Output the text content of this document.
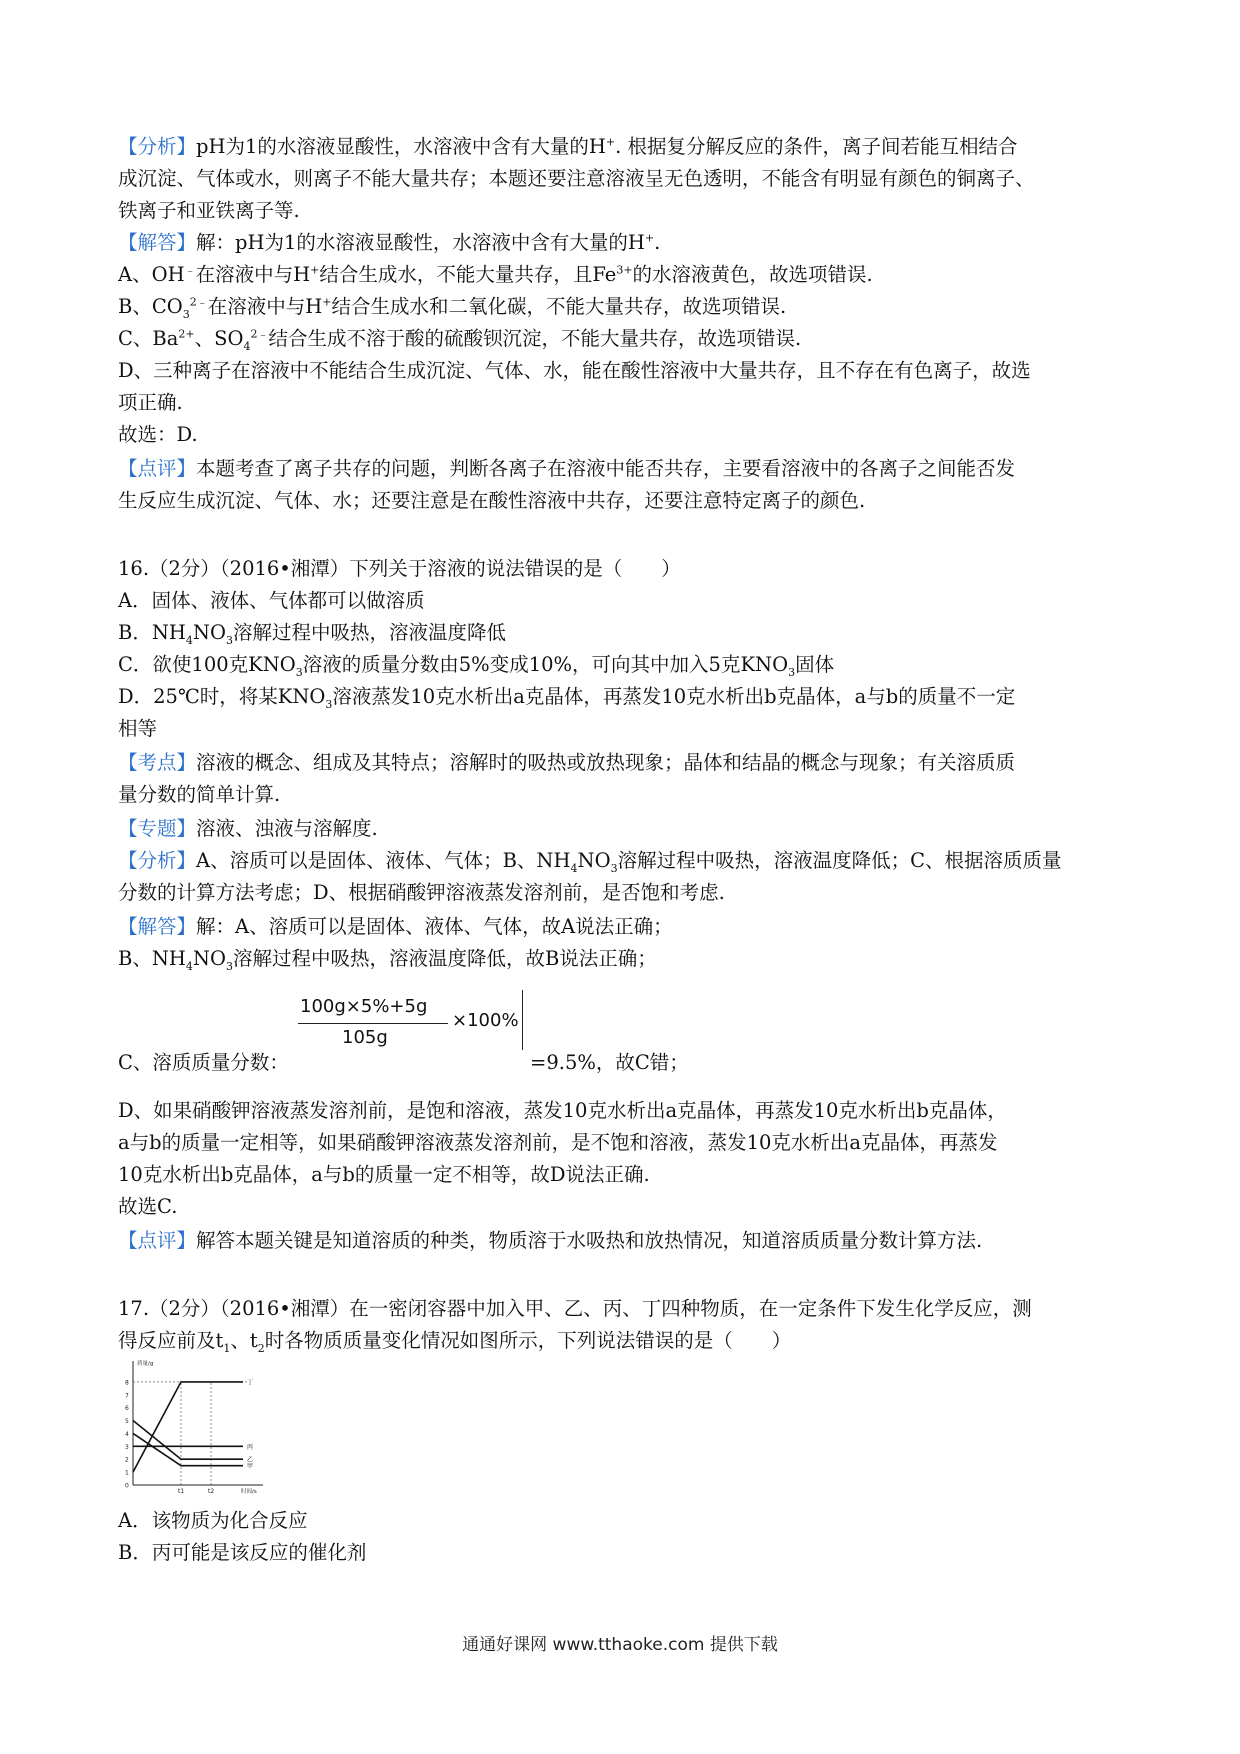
【分析】pH为1的水溶液显酸性，水溶液中含有大量的H+. 根据复分解反应的条件，离子间若能互相结合
成沉淀、气体或水，则离子不能大量共存；本题还要注意溶液呈无色透明，不能含有明显有颜色的铜离子、
铁离子和亚铁离子等.
【解答】解：pH为1的水溶液显酸性，水溶液中含有大量的H+.
A、OH﹣在溶液中与H+结合生成水，不能大量共存，且$Fe^{3+}$的水溶液黄色，故选项错误.
B、$CO_3^{2﹣}$在溶液中与H+结合生成水和二氧化碳，不能大量共存，故选项错误.
C、$Ba^{2+}$、$SO_4^{2﹣}$结合生成不溶于酸的硫酸钡沉淀，不能大量共存，故选项错误.
D、三种离子在溶液中不能结合生成沉淀、气体、水，能在酸性溶液中大量共存，且不存在有色离子，故选
项正确.
故选：D.
【点评】本题考查了离子共存的问题，判断各离子在溶液中能否共存，主要看溶液中的各离子之间能否发
生反应生成沉淀、气体、水；还要注意是在酸性溶液中共存，还要注意特定离子的颜色.
16.（2分）（2016•湘潭）下列关于溶液的说法错误的是（　　）
A．固体、液体、气体都可以做溶质
B．$NH_4NO_3$溶解过程中吸热，溶液温度降低
C．欲使100克$KNO_3$溶液的质量分数由5%变成10%，可向其中加入5克$KNO_3$固体
D．25℃时，将某$KNO_3$溶液蒸发10克水析出a克晶体，再蒸发10克水析出b克晶体，a与b的质量不一定
相等
【考点】溶液的概念、组成及其特点；溶解时的吸热或放热现象；晶体和结晶的概念与现象；有关溶质质
量分数的简单计算.
【专题】溶液、浊液与溶解度.
【分析】A、溶质可以是固体、液体、气体；B、$NH_4NO_3$溶解过程中吸热，溶液温度降低；C、根据溶质质量
分数的计算方法考虑；D、根据硝酸钾溶液蒸发溶剂前，是否饱和考虑.
【解答】解：A、溶质可以是固体、液体、气体，故A说法正确；
B、$NH_4NO_3$溶解过程中吸热，溶液温度降低，故B说法正确；
100g×5%+5g
105g
×100%
C、溶质质量分数：	=9.5%，故C错；
D、如果硝酸钾溶液蒸发溶剂前，是饱和溶液，蒸发10克水析出a克晶体，再蒸发10克水析出b克晶体，
a与b的质量一定相等，如果硝酸钾溶液蒸发溶剂前，是不饱和溶液，蒸发10克水析出a克晶体，再蒸发
10克水析出b克晶体，a与b的质量一定不相等，故D说法正确.
故选C.
【点评】解答本题关键是知道溶质的种类，物质溶于水吸热和放热情况，知道溶质质量分数计算方法.
17.（2分）（2016•湘潭）在一密闭容器中加入甲、乙、丙、丁四种物质，在一定条件下发生化学反应，测
得反应前及$t_1$、$t_2$时各物质质量变化情况如图所示，下列说法错误的是（　　）
0
1
2
3
4
5
6
7
8
t1	t2
质量/g
时间/s
丁
丙
乙
甲
A．该物质为化合反应
B．丙可能是该反应的催化剂
通通好课网 www.tthaoke.com 提供下载
